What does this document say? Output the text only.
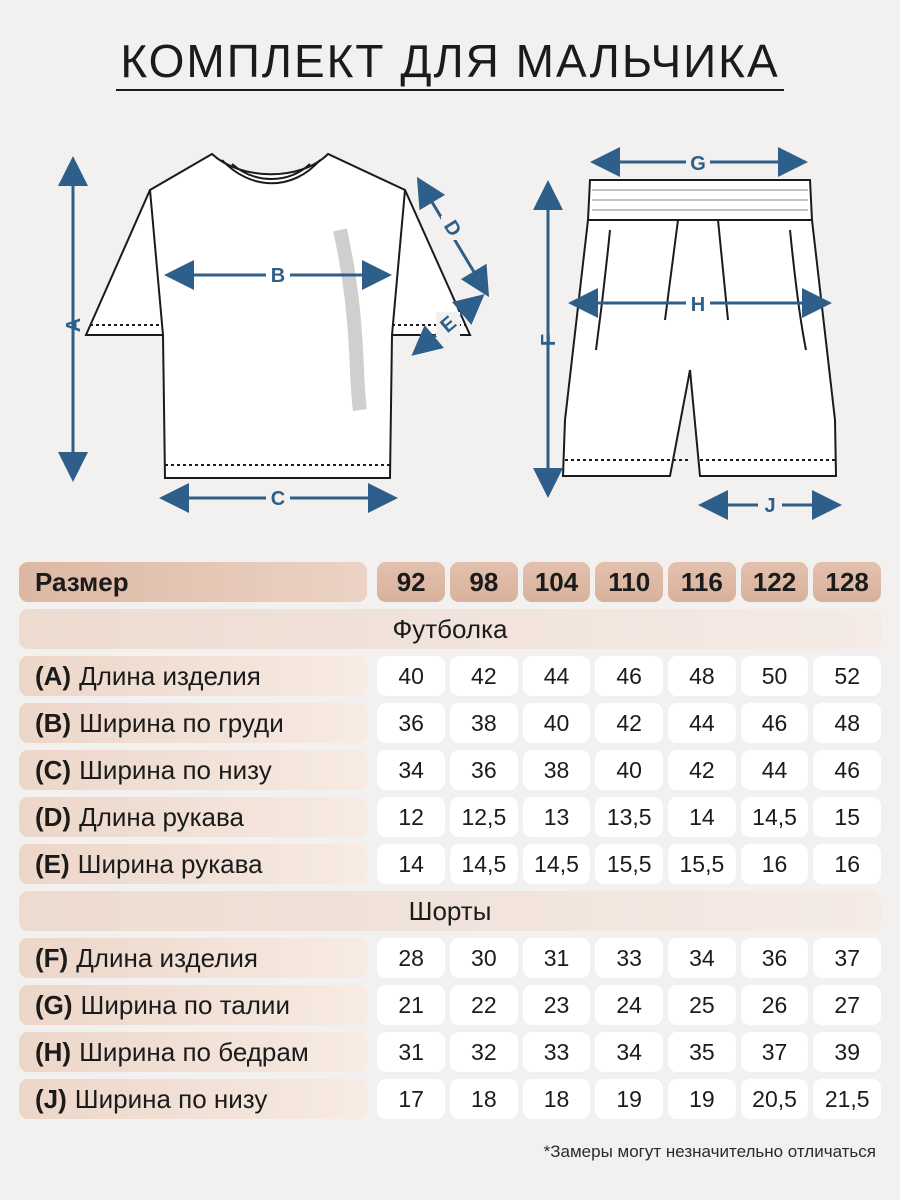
КОМПЛЕКТ ДЛЯ МАЛЬЧИКА
A
B
C
D
E
G
H
F
J
Размер	92	98	104	110	116	122	128
Футболка
(A) Длина изделия	40	42	44	46	48	50	52
(B) Ширина по груди	36	38	40	42	44	46	48
(C) Ширина по низу	34	36	38	40	42	44	46
(D) Длина рукава	12	12,5	13	13,5	14	14,5	15
(E) Ширина рукава	14	14,5	14,5	15,5	15,5	16	16
Шорты
(F) Длина изделия	28	30	31	33	34	36	37
(G) Ширина по талии	21	22	23	24	25	26	27
(H) Ширина по бедрам	31	32	33	34	35	37	39
(J) Ширина по низу	17	18	18	19	19	20,5	21,5
*Замеры могут незначительно отличаться
